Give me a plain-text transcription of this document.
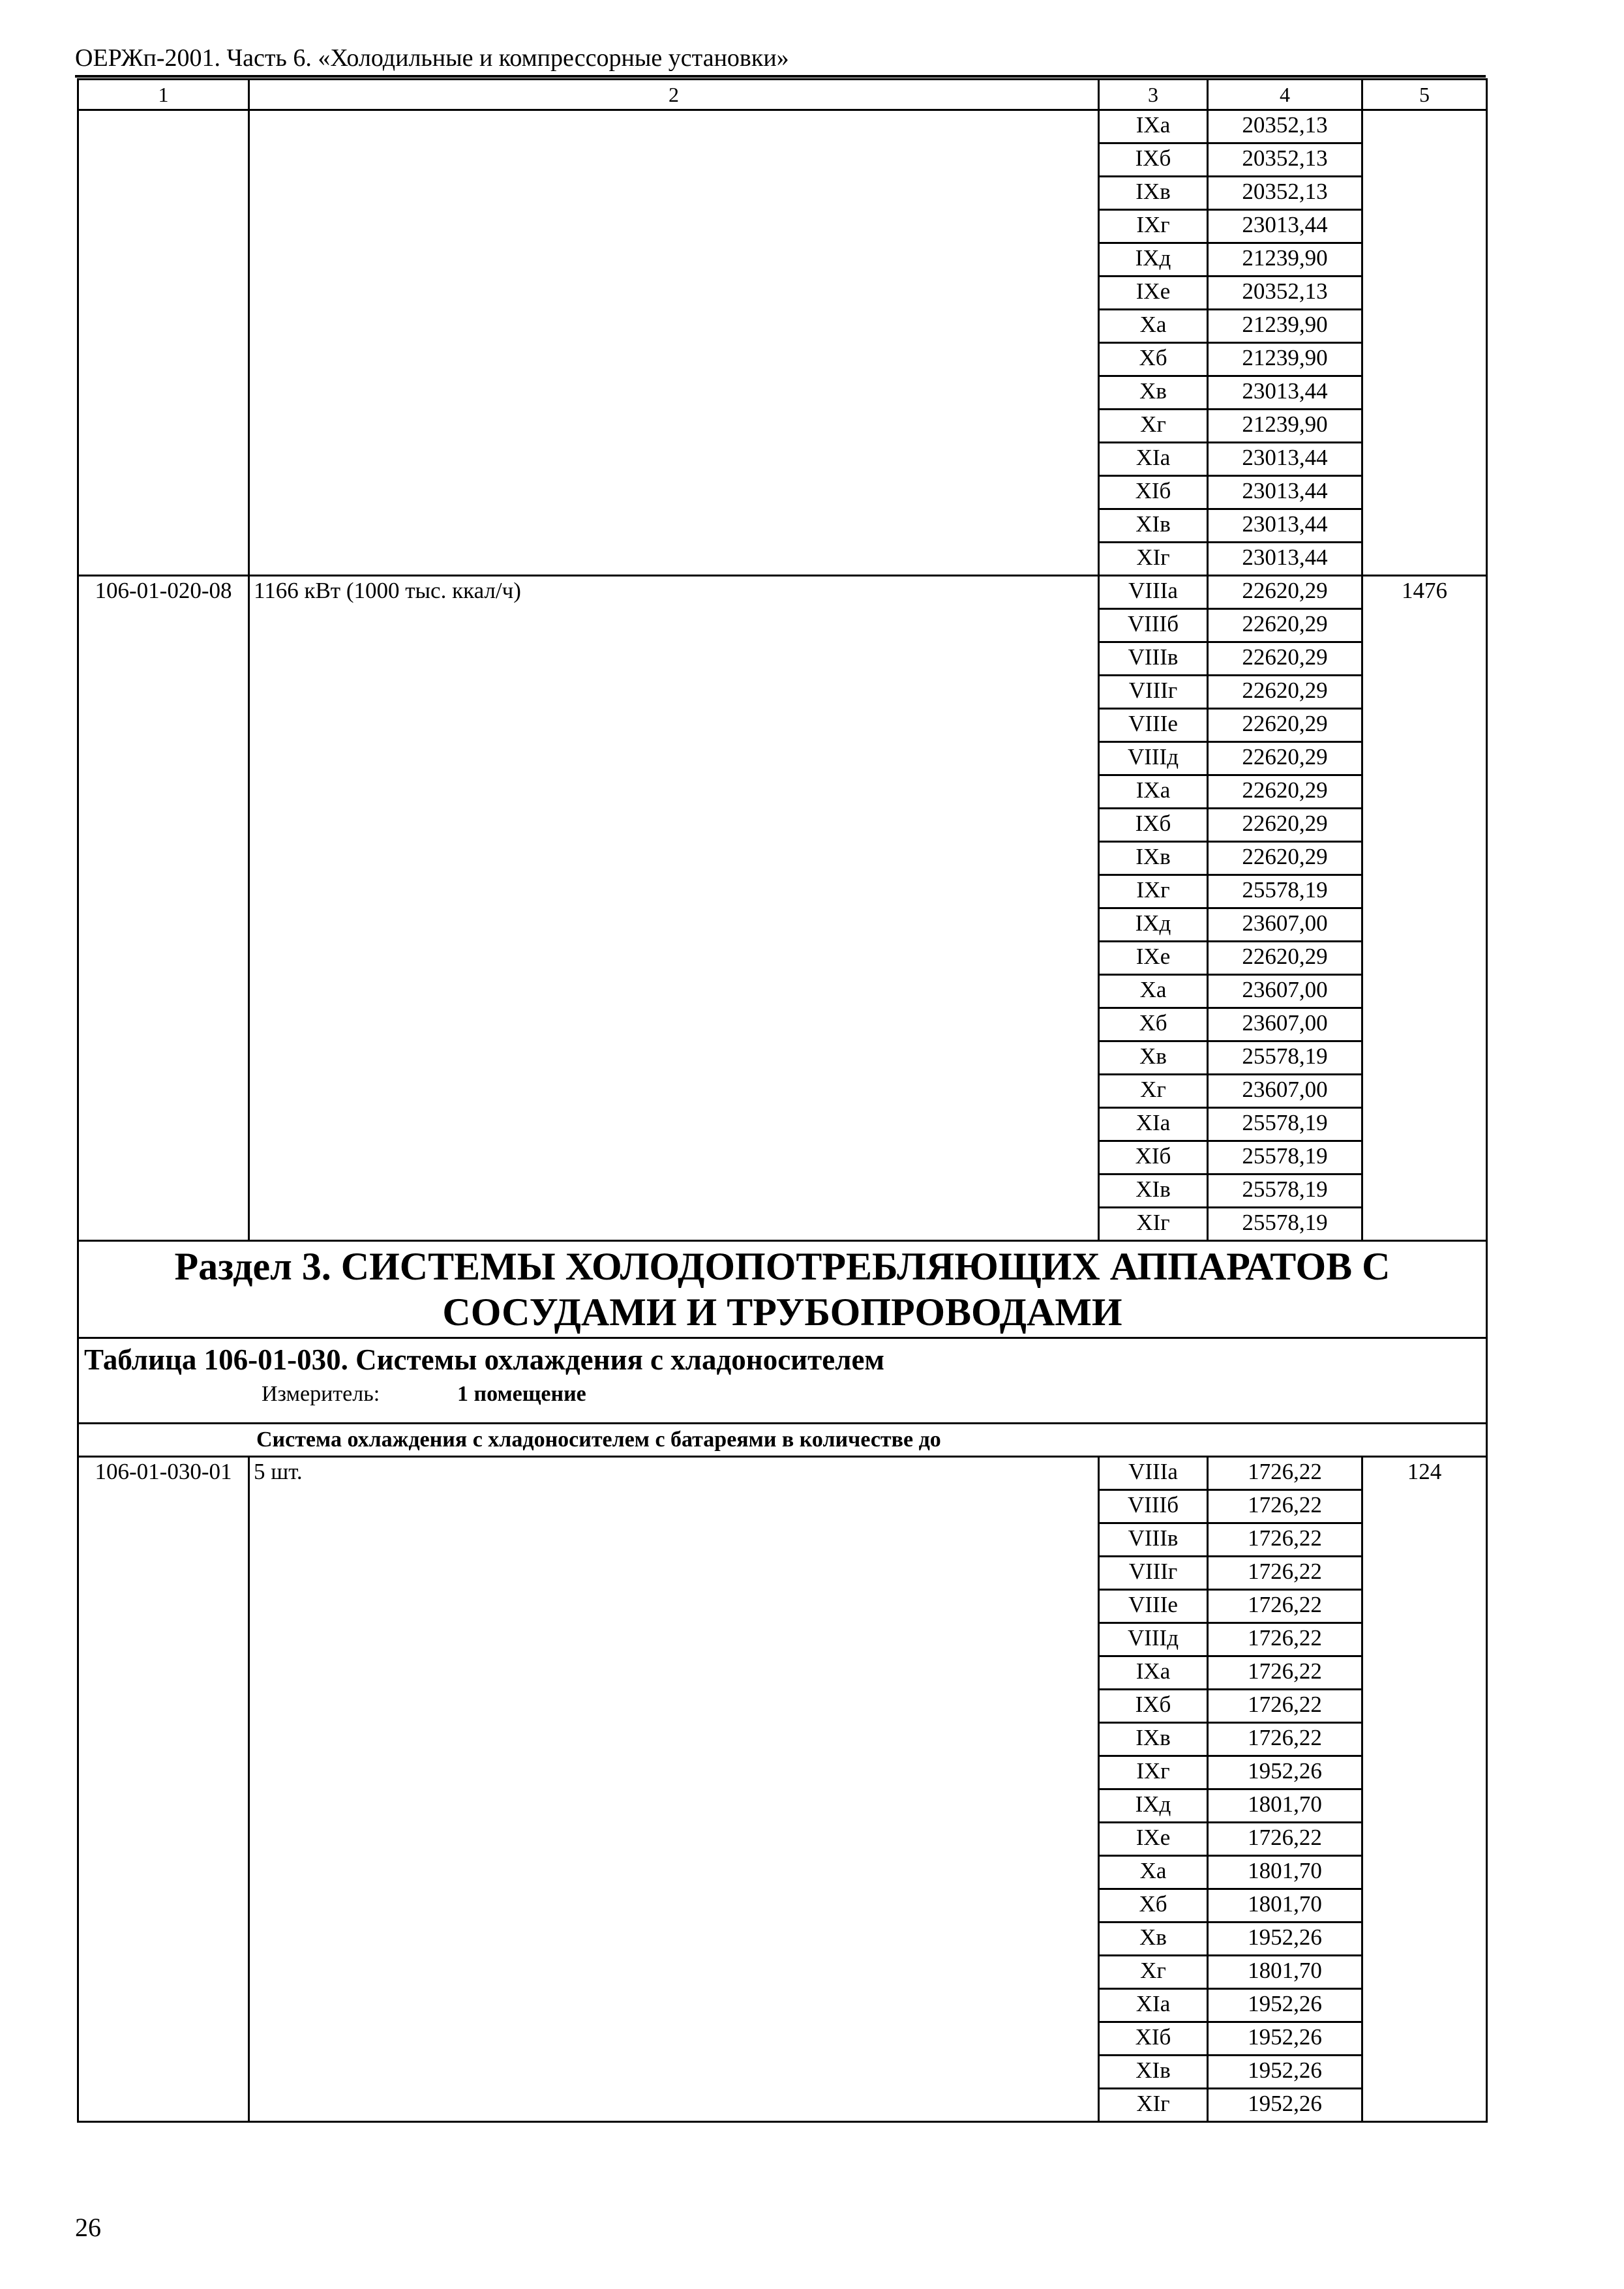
ОЕРЖп-2001. Часть 6. «Холодильные и компрессорные установки»
1	2	3	4	5
		IXа	20352,13	
		IXб	20352,13	
		IXв	20352,13	
		IXг	23013,44	
		IXд	21239,90	
		IXе	20352,13	
		Xа	21239,90	
		Xб	21239,90	
		Xв	23013,44	
		Xг	21239,90	
		XIа	23013,44	
		XIб	23013,44	
		XIв	23013,44	
		XIг	23013,44	
106-01-020-08	1166 кВт (1000 тыс. ккал/ч)	VIIIа	22620,29	1476
		VIIIб	22620,29	
		VIIIв	22620,29	
		VIIIг	22620,29	
		VIIIе	22620,29	
		VIIIд	22620,29	
		IXа	22620,29	
		IXб	22620,29	
		IXв	22620,29	
		IXг	25578,19	
		IXд	23607,00	
		IXе	22620,29	
		Xа	23607,00	
		Xб	23607,00	
		Xв	25578,19	
		Xг	23607,00	
		XIа	25578,19	
		XIб	25578,19	
		XIв	25578,19	
		XIг	25578,19	
Раздел 3. СИСТЕМЫ ХОЛОДОПОТРЕБЛЯЮЩИХ АППАРАТОВ С СОСУДАМИ И ТРУБОПРОВОДАМИ				

Таблица 106-01-030. Системы охлаждения с хладоносителем
Измеритель: 1 помещение				

Система охлаждения с хладоносителем с батареями в количестве до				
106-01-030-01	5 шт.	VIIIа	1726,22	124
		VIIIб	1726,22	
		VIIIв	1726,22	
		VIIIг	1726,22	
		VIIIе	1726,22	
		VIIIд	1726,22	
		IXа	1726,22	
		IXб	1726,22	
		IXв	1726,22	
		IXг	1952,26	
		IXд	1801,70	
		IXе	1726,22	
		Xа	1801,70	
		Xб	1801,70	
		Xв	1952,26	
		Xг	1801,70	
		XIа	1952,26	
		XIб	1952,26	
		XIв	1952,26	
		XIг	1952,26	
26
